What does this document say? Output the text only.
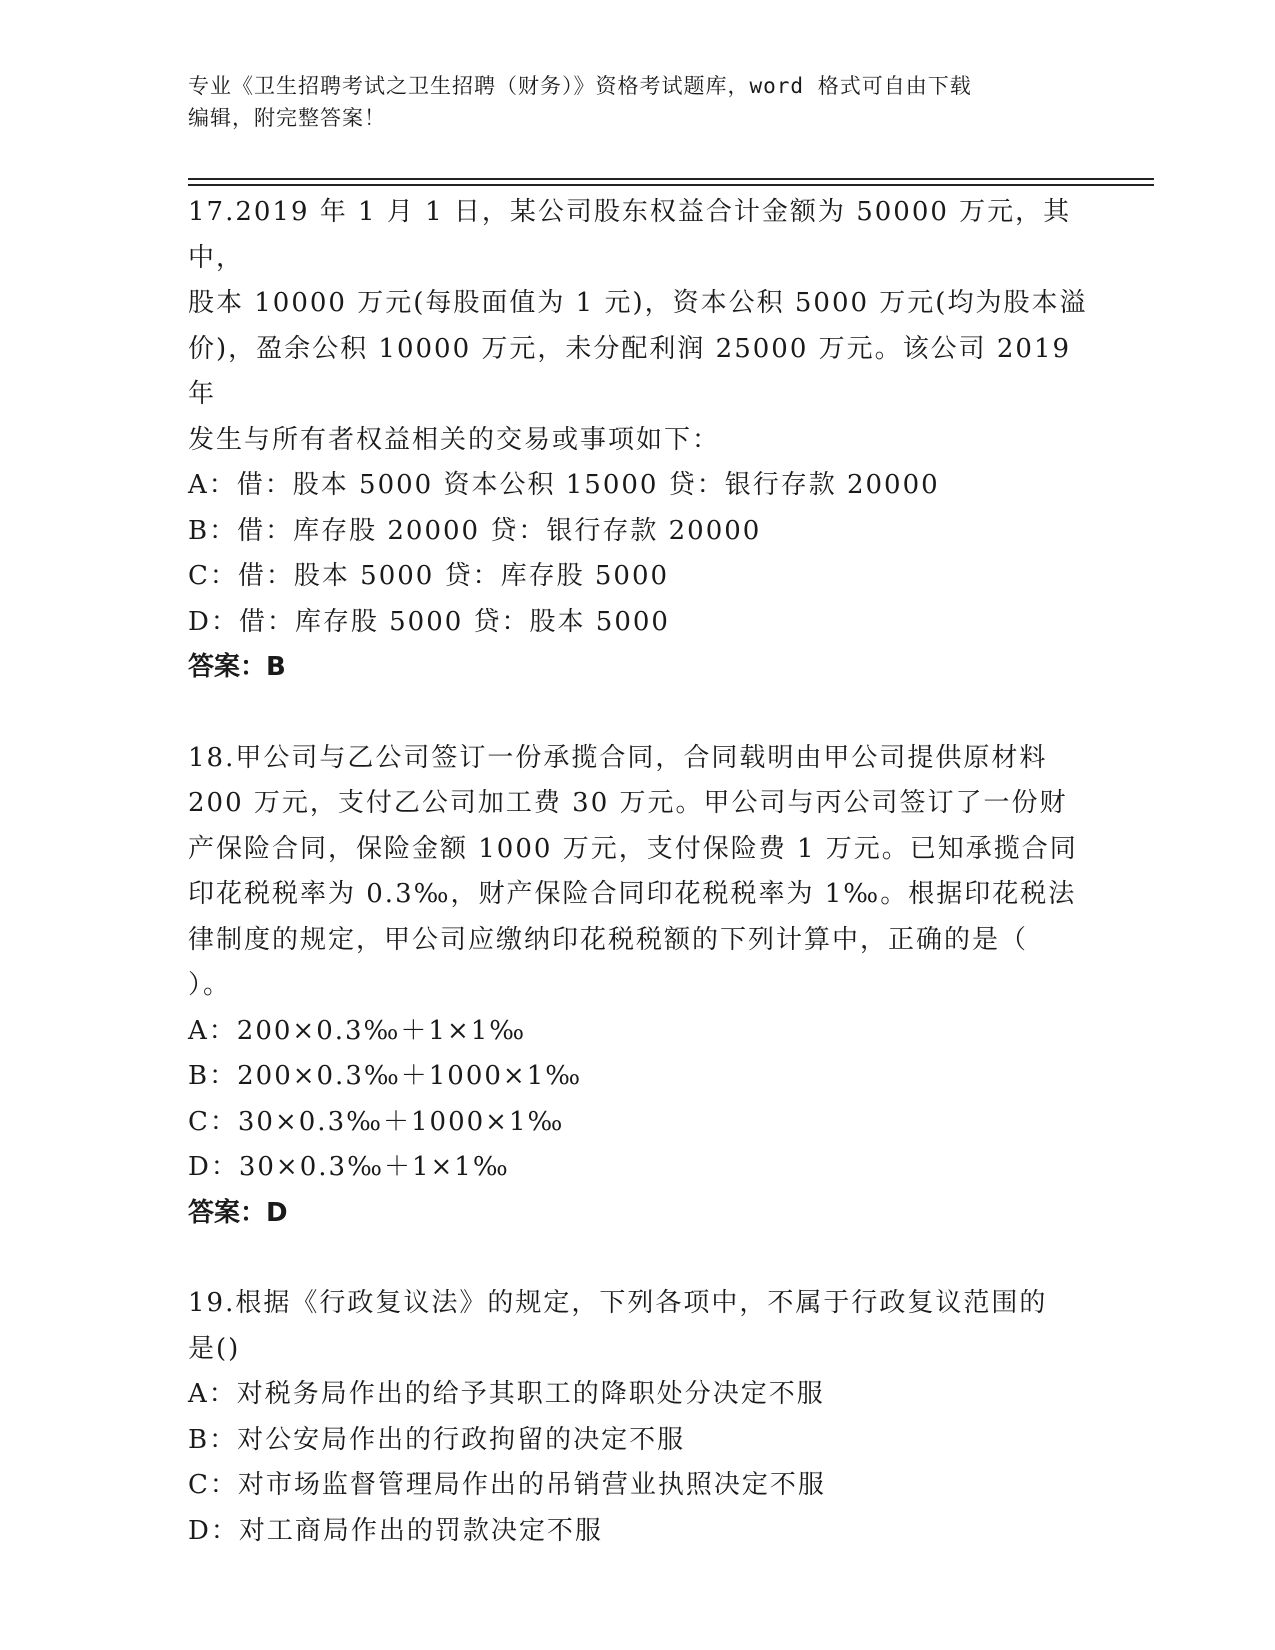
专业《卫生招聘考试之卫生招聘（财务）》资格考试题库，word 格式可自由下载
编辑，附完整答案！
17.2019 年 1 月 1 日，某公司股东权益合计金额为 50000 万元，其中，
股本 10000 万元(每股面值为 1 元)，资本公积 5000 万元(均为股本溢
价)，盈余公积 10000 万元，未分配利润 25000 万元。该公司 2019 年
发生与所有者权益相关的交易或事项如下：
A：借：股本 5000 资本公积 15000 贷：银行存款 20000
B：借：库存股 20000 贷：银行存款 20000
C：借：股本 5000 贷：库存股 5000
D：借：库存股 5000 贷：股本 5000
答案：B
18.甲公司与乙公司签订一份承揽合同，合同载明由甲公司提供原材料
200 万元，支付乙公司加工费 30 万元。甲公司与丙公司签订了一份财
产保险合同，保险金额 1000 万元，支付保险费 1 万元。已知承揽合同
印花税税率为 0.3‰，财产保险合同印花税税率为 1‰。根据印花税法
律制度的规定，甲公司应缴纳印花税税额的下列计算中，正确的是（
）。
A：200×0.3‰＋1×1‰
B：200×0.3‰＋1000×1‰
C：30×0.3‰＋1000×1‰
D：30×0.3‰＋1×1‰
答案：D
19.根据《行政复议法》的规定，下列各项中，不属于行政复议范围的
是()
A：对税务局作出的给予其职工的降职处分决定不服
B：对公安局作出的行政拘留的决定不服
C：对市场监督管理局作出的吊销营业执照决定不服
D：对工商局作出的罚款决定不服
